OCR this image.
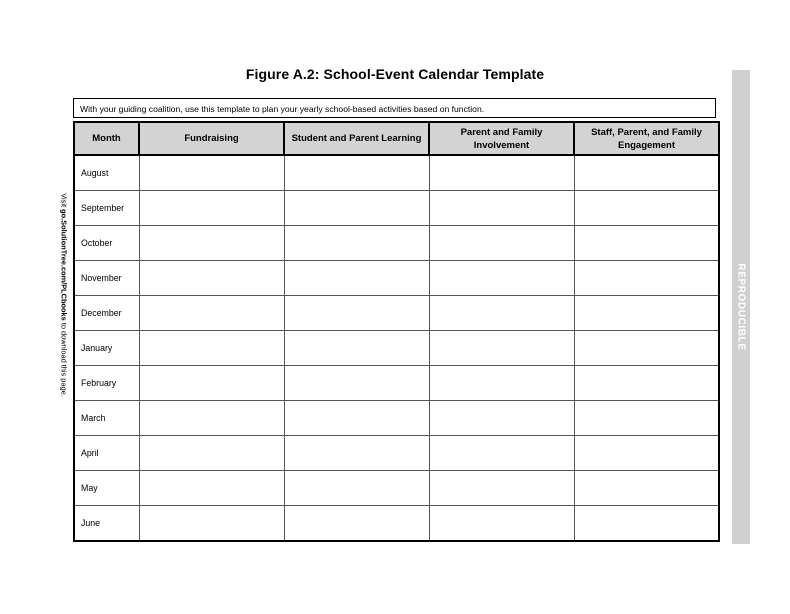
Figure A.2: School-Event Calendar Template
With your guiding coalition, use this template to plan your yearly school-based activities based on function.
Month	Fundraising	Student and Parent Learning	Parent and Family Involvement	Staff, Parent, and Family Engagement
August				
September				
October				
November				
December				
January				
February				
March				
April				
May				
June				
Visit go.SolutionTree.com/PLCbooks to download this page.
REPRODUCIBLE
